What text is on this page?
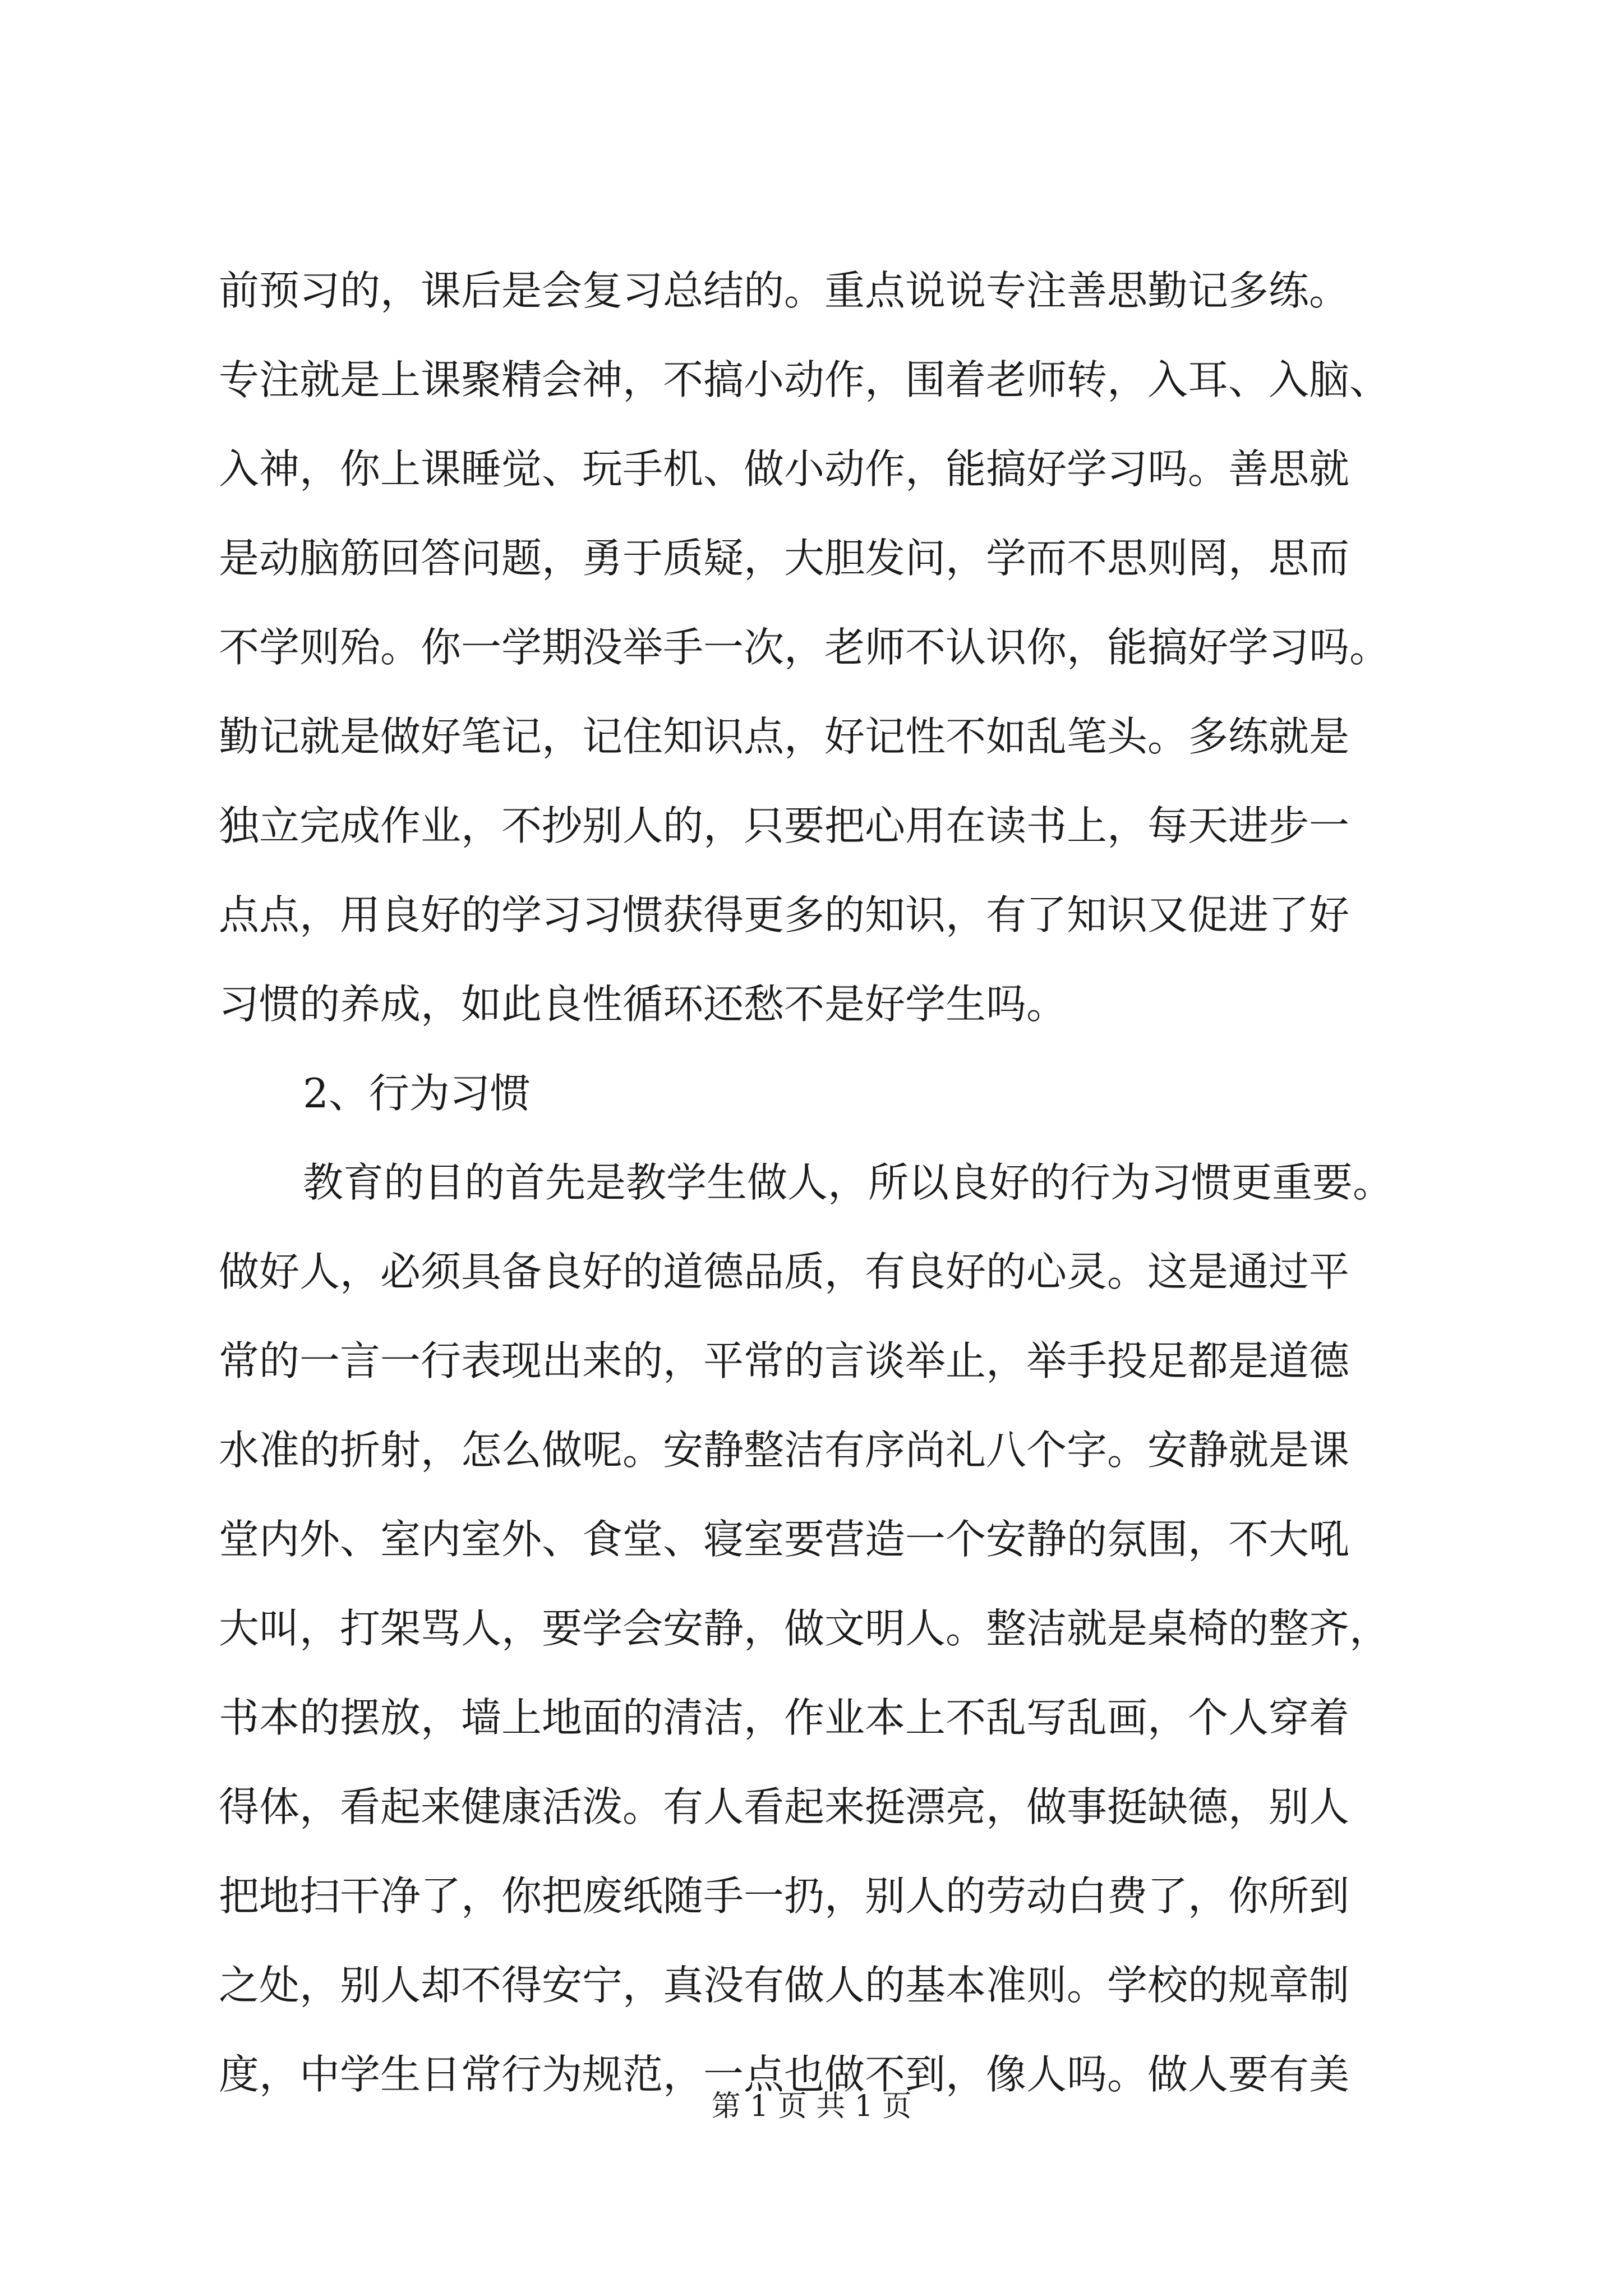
前预习的，课后是会复习总结的。重点说说专注善思勤记多练。

专注就是上课聚精会神，不搞小动作，围着老师转，入耳、入脑、

入神，你上课睡觉、玩手机、做小动作，能搞好学习吗。善思就

是动脑筋回答问题，勇于质疑，大胆发问，学而不思则罔，思而

不学则殆。你一学期没举手一次，老师不认识你，能搞好学习吗。

勤记就是做好笔记，记住知识点，好记性不如乱笔头。多练就是

独立完成作业，不抄别人的，只要把心用在读书上，每天进步一

点点，用良好的学习习惯获得更多的知识，有了知识又促进了好

习惯的养成，如此良性循环还愁不是好学生吗。

2、行为习惯

教育的目的首先是教学生做人，所以良好的行为习惯更重要。

做好人，必须具备良好的道德品质，有良好的心灵。这是通过平

常的一言一行表现出来的，平常的言谈举止，举手投足都是道德

水准的折射，怎么做呢。安静整洁有序尚礼八个字。安静就是课

堂内外、室内室外、食堂、寝室要营造一个安静的氛围，不大吼

大叫，打架骂人，要学会安静，做文明人。整洁就是桌椅的整齐，

书本的摆放，墙上地面的清洁，作业本上不乱写乱画，个人穿着

得体，看起来健康活泼。有人看起来挺漂亮，做事挺缺德，别人

把地扫干净了，你把废纸随手一扔，别人的劳动白费了，你所到

之处，别人却不得安宁，真没有做人的基本准则。学校的规章制

度，中学生日常行为规范，一点也做不到，像人吗。做人要有美

第 1 页 共 1 页
